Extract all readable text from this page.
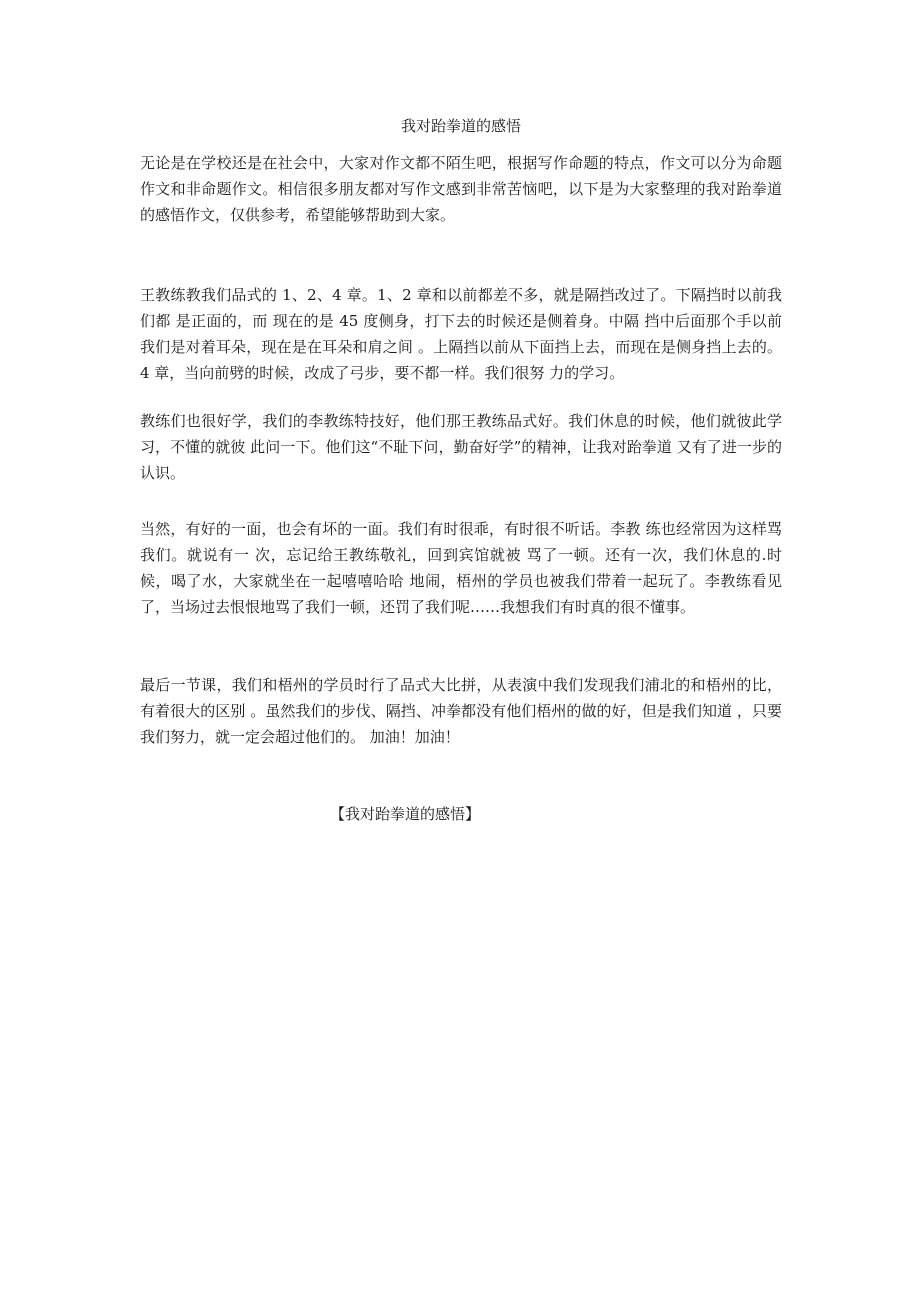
我对跆拳道的感悟

无论是在学校还是在社会中，大家对作文都不陌生吧，根据写作命题的特点，作文可以分为命题作文和非命题作文。相信很多朋友都对写作文感到非常苦恼吧，以下是为大家整理的我对跆拳道的感悟作文，仅供参考，希望能够帮助到大家。

王教练教我们品式的 1、2、4 章。1、2 章和以前都差不多，就是隔挡改过了。下隔挡时以前我们都 是正面的，而 现在的是 45 度侧身，打下去的时候还是侧着身。中隔 挡中后面那个手以前我们是对着耳朵，现在是在耳朵和肩之间 。上隔挡以前从下面挡上去，而现在是侧身挡上去的。4 章，当向前劈的时候，改成了弓步，要不都一样。我们很努 力的学习。

教练们也很好学，我们的李教练特技好，他们那王教练品式好。我们休息的时候，他们就彼此学习，不懂的就彼 此问一下。他们这“不耻下问，勤奋好学”的精神，让我对跆拳道 又有了进一步的认识。

当然，有好的一面，也会有坏的一面。我们有时很乖，有时很不听话。李教 练也经常因为这样骂我们。就说有一 次，忘记给王教练敬礼，回到宾馆就被 骂了一顿。还有一次，我们休息的.时候，喝了水，大家就坐在一起嘻嘻哈哈 地闹，梧州的学员也被我们带着一起玩了。李教练看见了，当场过去恨恨地骂了我们一顿，还罚了我们呢……我想我们有时真的很不懂事。

最后一节课，我们和梧州的学员时行了品式大比拼，从表演中我们发现我们浦北的和梧州的比，有着很大的区别 。虽然我们的步伐、隔挡、冲拳都没有他们梧州的做的好，但是我们知道 ，只要我们努力，就一定会超过他们的。 加油！加油！

【我对跆拳道的感悟】
